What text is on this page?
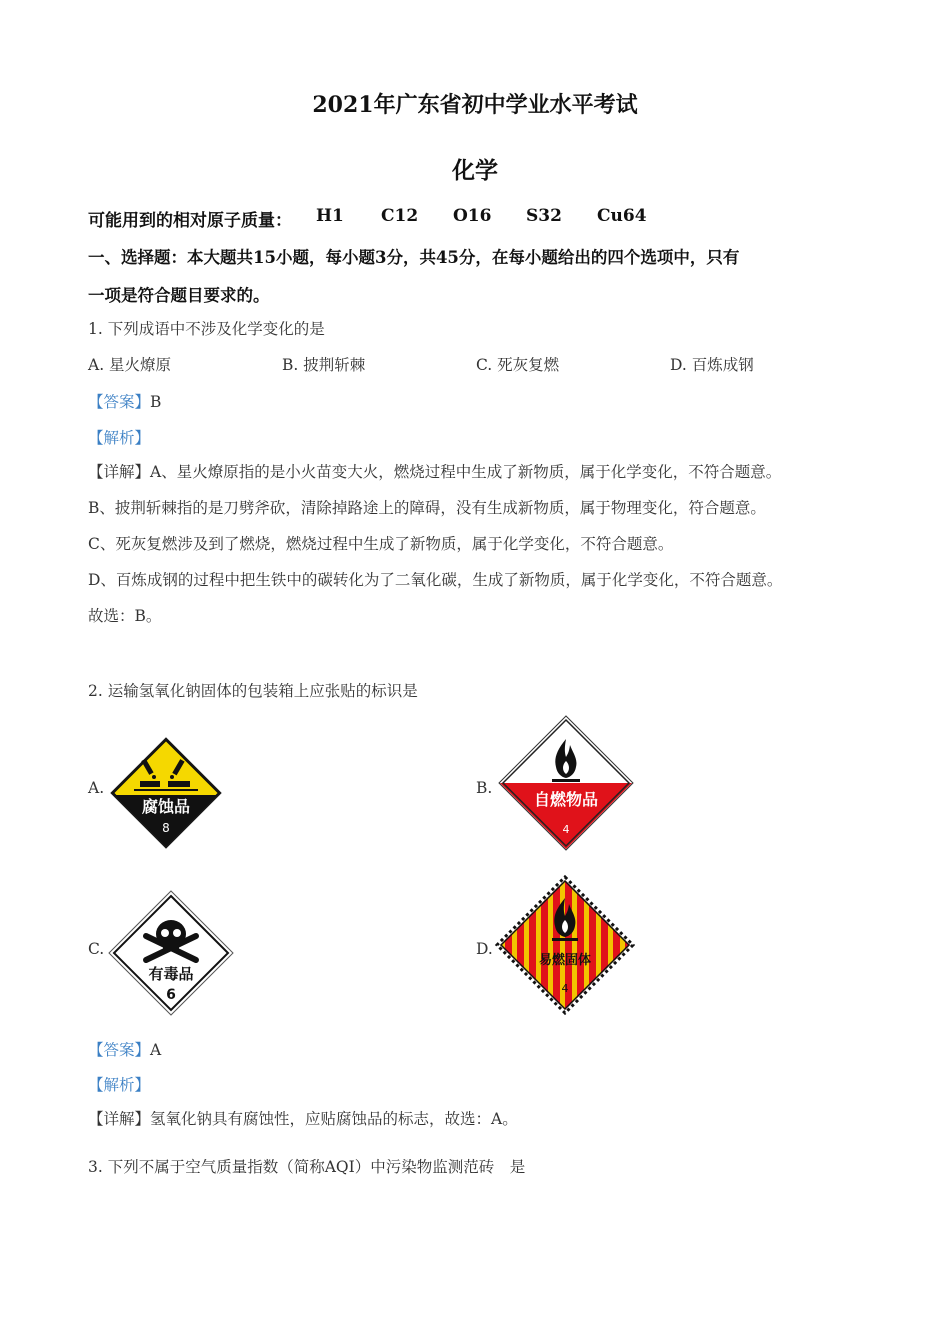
2021年广东省初中学业水平考试
化学
可能用到的相对原子质量： H1 C12 O16 S32 Cu64
一、选择题：本大题共15小题，每小题3分，共45分，在每小题给出的四个选项中，只有
一项是符合题目要求的。
1. 下列成语中不涉及化学变化的是
A. 星火燎原	B. 披荆斩棘	C. 死灰复燃	D. 百炼成钢
【答案】B
【解析】
【详解】A、星火燎原指的是小火苗变大火，燃烧过程中生成了新物质，属于化学变化，不符合题意。
B、披荆斩棘指的是刀劈斧砍，清除掉路途上的障碍，没有生成新物质，属于物理变化，符合题意。
C、死灰复燃涉及到了燃烧，燃烧过程中生成了新物质，属于化学变化，不符合题意。
D、百炼成钢的过程中把生铁中的碳转化为了二氧化碳，生成了新物质，属于化学变化，不符合题意。
故选：B。
2. 运输氢氧化钠固体的包装箱上应张贴的标识是
A.
腐蚀品
8
B.
自燃物品
4
C.
有毒品
6
D.
易燃固体
4
【答案】A
【解析】
【详解】氢氧化钠具有腐蚀性，应贴腐蚀品的标志，故选：A。
3. 下列不属于空气质量指数（简称AQI）中污染物监测范砖　是
